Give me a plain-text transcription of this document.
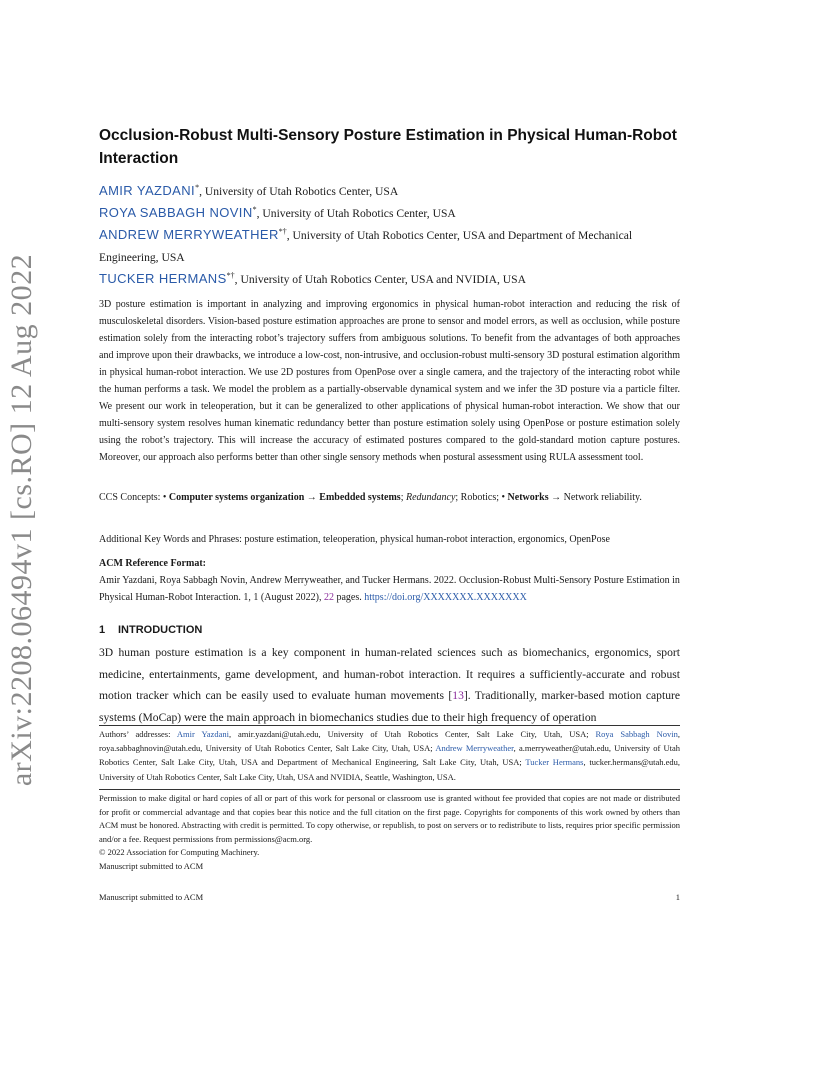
arXiv:2208.06494v1 [cs.RO] 12 Aug 2022
Occlusion-Robust Multi-Sensory Posture Estimation in Physical Human-Robot Interaction
AMIR YAZDANI*, University of Utah Robotics Center, USA
ROYA SABBAGH NOVIN*, University of Utah Robotics Center, USA
ANDREW MERRYWEATHER*†, University of Utah Robotics Center, USA and Department of Mechanical Engineering, USA
TUCKER HERMANS*†, University of Utah Robotics Center, USA and NVIDIA, USA
3D posture estimation is important in analyzing and improving ergonomics in physical human-robot interaction and reducing the risk of musculoskeletal disorders. Vision-based posture estimation approaches are prone to sensor and model errors, as well as occlusion, while posture estimation solely from the interacting robot’s trajectory suffers from ambiguous solutions. To benefit from the advantages of both approaches and improve upon their drawbacks, we introduce a low-cost, non-intrusive, and occlusion-robust multi-sensory 3D postural estimation algorithm in physical human-robot interaction. We use 2D postures from OpenPose over a single camera, and the trajectory of the interacting robot while the human performs a task. We model the problem as a partially-observable dynamical system and we infer the 3D posture via a particle filter. We present our work in teleoperation, but it can be generalized to other applications of physical human-robot interaction. We show that our multi-sensory system resolves human kinematic redundancy better than posture estimation solely using OpenPose or posture estimation solely using the robot’s trajectory. This will increase the accuracy of estimated postures compared to the gold-standard motion capture postures. Moreover, our approach also performs better than other single sensory methods when postural assessment using RULA assessment tool.
CCS Concepts: • Computer systems organization → Embedded systems; Redundancy; Robotics; • Networks → Network reliability.
Additional Key Words and Phrases: posture estimation, teleoperation, physical human-robot interaction, ergonomics, OpenPose
ACM Reference Format:
Amir Yazdani, Roya Sabbagh Novin, Andrew Merryweather, and Tucker Hermans. 2022. Occlusion-Robust Multi-Sensory Posture Estimation in Physical Human-Robot Interaction. 1, 1 (August 2022), 22 pages. https://doi.org/XXXXXXX.XXXXXXX
1 INTRODUCTION
3D human posture estimation is a key component in human-related sciences such as biomechanics, ergonomics, sport medicine, entertainments, game development, and human-robot interaction. It requires a sufficiently-accurate and robust motion tracker which can be easily used to evaluate human movements [13]. Traditionally, marker-based motion capture systems (MoCap) were the main approach in biomechanics studies due to their high frequency of operation
Authors’ addresses: Amir Yazdani, amir.yazdani@utah.edu, University of Utah Robotics Center, Salt Lake City, Utah, USA; Roya Sabbagh Novin, roya.sabbaghnovin@utah.edu, University of Utah Robotics Center, Salt Lake City, Utah, USA; Andrew Merryweather, a.merryweather@utah.edu, University of Utah Robotics Center, Salt Lake City, Utah, USA and Department of Mechanical Engineering, Salt Lake City, Utah, USA; Tucker Hermans, tucker.hermans@utah.edu, University of Utah Robotics Center, Salt Lake City, Utah, USA and NVIDIA, Seattle, Washington, USA.
Permission to make digital or hard copies of all or part of this work for personal or classroom use is granted without fee provided that copies are not made or distributed for profit or commercial advantage and that copies bear this notice and the full citation on the first page. Copyrights for components of this work owned by others than ACM must be honored. Abstracting with credit is permitted. To copy otherwise, or republish, to post on servers or to redistribute to lists, requires prior specific permission and/or a fee. Request permissions from permissions@acm.org.
© 2022 Association for Computing Machinery.
Manuscript submitted to ACM
Manuscript submitted to ACM	1
